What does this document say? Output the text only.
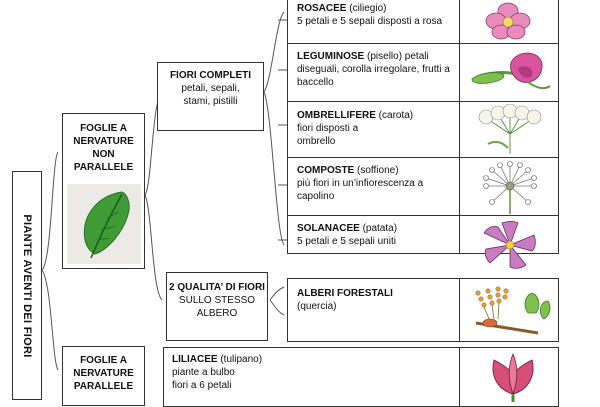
PIANTE AVENTI DEI FIORI
FOGLIE A NERVATURE NON PARALLELE
FOGLIE A NERVATURE PARALLELE
FIORI COMPLETI
petali, sepali, stami, pistilli
2 QUALITA’ DI FIORI
SULLO STESSO ALBERO
ROSACEE (ciliegio)
5 petali e 5 sepali disposti a rosa
LEGUMINOSE (pisello) petali
diseguali, corolla irregolare, frutti a baccello
OMBRELLIFERE (carota)
fiori disposti a ombrello
COMPOSTE (soffione)
più fiori in un’infiorescenza a capolino
SOLANACEE (patata)
5 petali e 5 sepali uniti
ALBERI FORESTALI
(quercia)
LILIACEE (tulipano)
piante a bulbo fiori a 6 petali
